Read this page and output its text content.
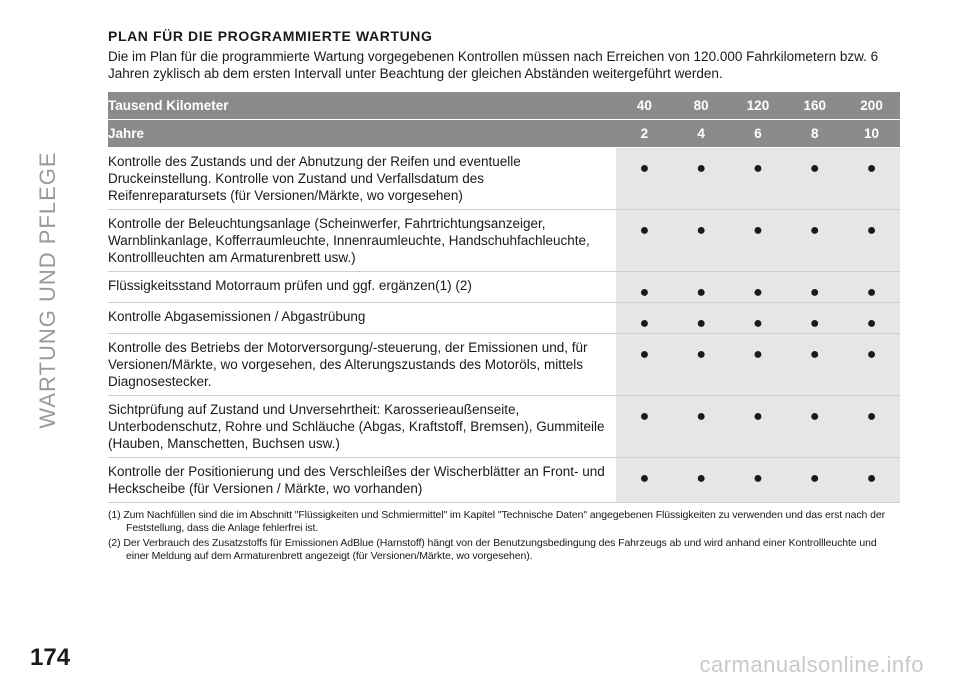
WARTUNG UND PFLEGE
PLAN FÜR DIE PROGRAMMIERTE WARTUNG
Die im Plan für die programmierte Wartung vorgegebenen Kontrollen müssen nach Erreichen von 120.000 Fahrkilometern bzw. 6 Jahren zyklisch ab dem ersten Intervall unter Beachtung der gleichen Abständen weitergeführt werden.
Tausend Kilometer	40	80	120	160	200
Jahre	2	4	6	8	10
Kontrolle des Zustands und der Abnutzung der Reifen und eventuelle Druckeinstellung. Kontrolle von Zustand und Verfallsdatum des Reifenreparatursets (für Versionen/Märkte, wo vorgesehen)	●	●	●	●	●
Kontrolle der Beleuchtungsanlage (Scheinwerfer, Fahrtrichtungsanzeiger, Warnblinkanlage, Kofferraumleuchte, Innenraumleuchte, Handschuhfachleuchte, Kontrollleuchten am Armaturenbrett usw.)	●	●	●	●	●
Flüssigkeitsstand Motorraum prüfen und ggf. ergänzen(1) (2)	●	●	●	●	●
Kontrolle Abgasemissionen / Abgastrübung	●	●	●	●	●
Kontrolle des Betriebs der Motorversorgung/-steuerung, der Emissionen und, für Versionen/Märkte, wo vorgesehen, des Alterungszustands des Motoröls, mittels Diagnosestecker.	●	●	●	●	●
Sichtprüfung auf Zustand und Unversehrtheit: Karosserieaußenseite, Unterbodenschutz, Rohre und Schläuche (Abgas, Kraftstoff, Bremsen), Gummiteile (Hauben, Manschetten, Buchsen usw.)	●	●	●	●	●
Kontrolle der Positionierung und des Verschleißes der Wischerblätter an Front- und Heckscheibe (für Versionen / Märkte, wo vorhanden)	●	●	●	●	●
(1) Zum Nachfüllen sind die im Abschnitt "Flüssigkeiten und Schmiermittel" im Kapitel "Technische Daten" angegebenen Flüssigkeiten zu verwenden und das erst nach der Feststellung, dass die Anlage fehlerfrei ist.
(2) Der Verbrauch des Zusatzstoffs für Emissionen AdBlue (Harnstoff) hängt von der Benutzungsbedingung des Fahrzeugs ab und wird anhand einer Kontrollleuchte und einer Meldung auf dem Armaturenbrett angezeigt (für Versionen/Märkte, wo vorgesehen).
174	carmanualsonline.info
